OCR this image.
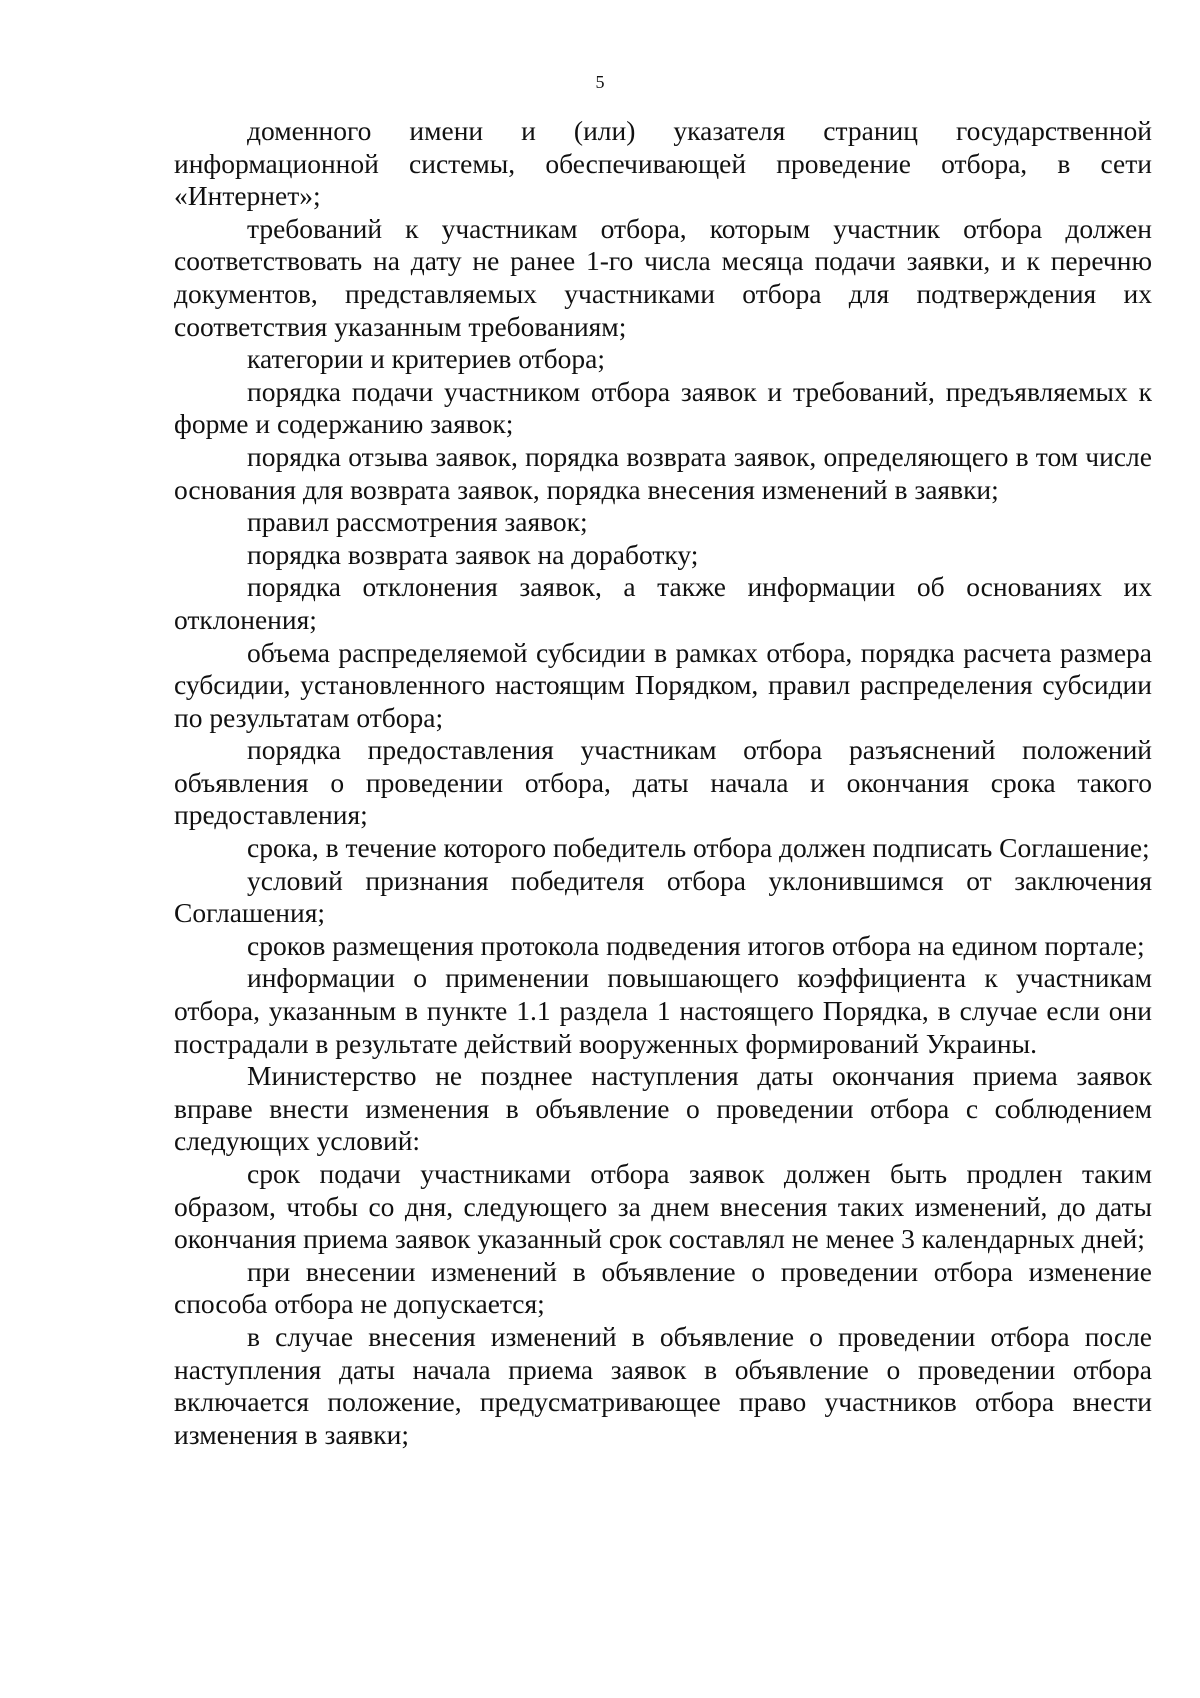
5

доменного имени и (или) указателя страниц государственной информационной системы, обеспечивающей проведение отбора, в сети «Интернет»;

требований к участникам отбора, которым участник отбора должен соответствовать на дату не ранее 1-го числа месяца подачи заявки, и к перечню документов, представляемых участниками отбора для подтверждения их соответствия указанным требованиям;

категории и критериев отбора;

порядка подачи участником отбора заявок и требований, предъявляемых к форме и содержанию заявок;

порядка отзыва заявок, порядка возврата заявок, определяющего в том числе основания для возврата заявок, порядка внесения изменений в заявки;

правил рассмотрения заявок;

порядка возврата заявок на доработку;

порядка отклонения заявок, а также информации об основаниях их отклонения;

объема распределяемой субсидии в рамках отбора, порядка расчета размера субсидии, установленного настоящим Порядком, правил распределения субсидии по результатам отбора;

порядка предоставления участникам отбора разъяснений положений объявления о проведении отбора, даты начала и окончания срока такого предоставления;

срока, в течение которого победитель отбора должен подписать Соглашение;

условий признания победителя отбора уклонившимся от заключения Соглашения;

сроков размещения протокола подведения итогов отбора на едином портале;

информации о применении повышающего коэффициента к участникам отбора, указанным в пункте 1.1 раздела 1 настоящего Порядка, в случае если они пострадали в результате действий вооруженных формирований Украины.

Министерство не позднее наступления даты окончания приема заявок вправе внести изменения в объявление о проведении отбора с соблюдением следующих условий:

срок подачи участниками отбора заявок должен быть продлен таким образом, чтобы со дня, следующего за днем внесения таких изменений, до даты окончания приема заявок указанный срок составлял не менее 3 календарных дней;

при внесении изменений в объявление о проведении отбора изменение способа отбора не допускается;

в случае внесения изменений в объявление о проведении отбора после наступления даты начала приема заявок в объявление о проведении отбора включается положение, предусматривающее право участников отбора внести изменения в заявки;
